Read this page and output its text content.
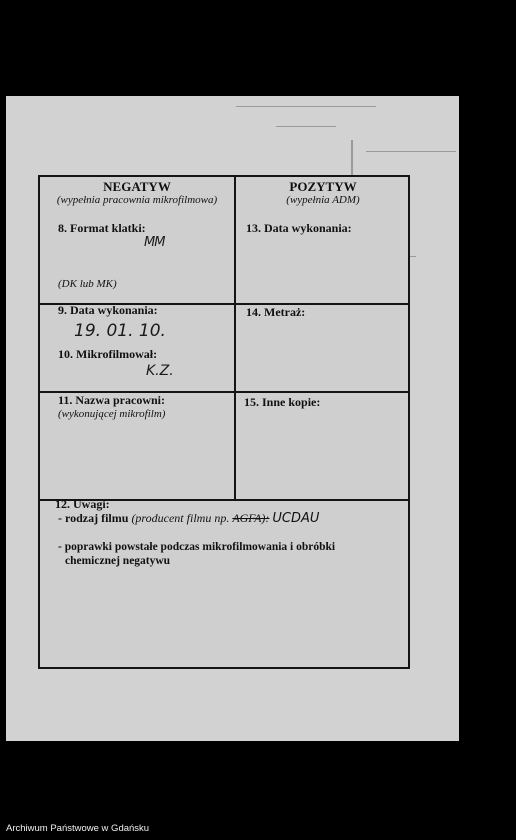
NEGATYW
(wypełnia pracownia mikrofilmowa)
POZYTYW
(wypełnia ADM)
8. Format klatki:
MM
(DK lub MK)
13. Data wykonania:
9. Data wykonania:
19. 01. 10.
10. Mikrofilmował:
K.Z.
14. Metraż:
11. Nazwa pracowni:
(wykonującej mikrofilm)
15. Inne kopie:
12. Uwagi:
- rodzaj filmu (producent filmu np. AGFA): UCDAU
- poprawki powstałe podczas mikrofilmowania i obróbki
chemicznej negatywu
Archiwum Państwowe w Gdańsku
